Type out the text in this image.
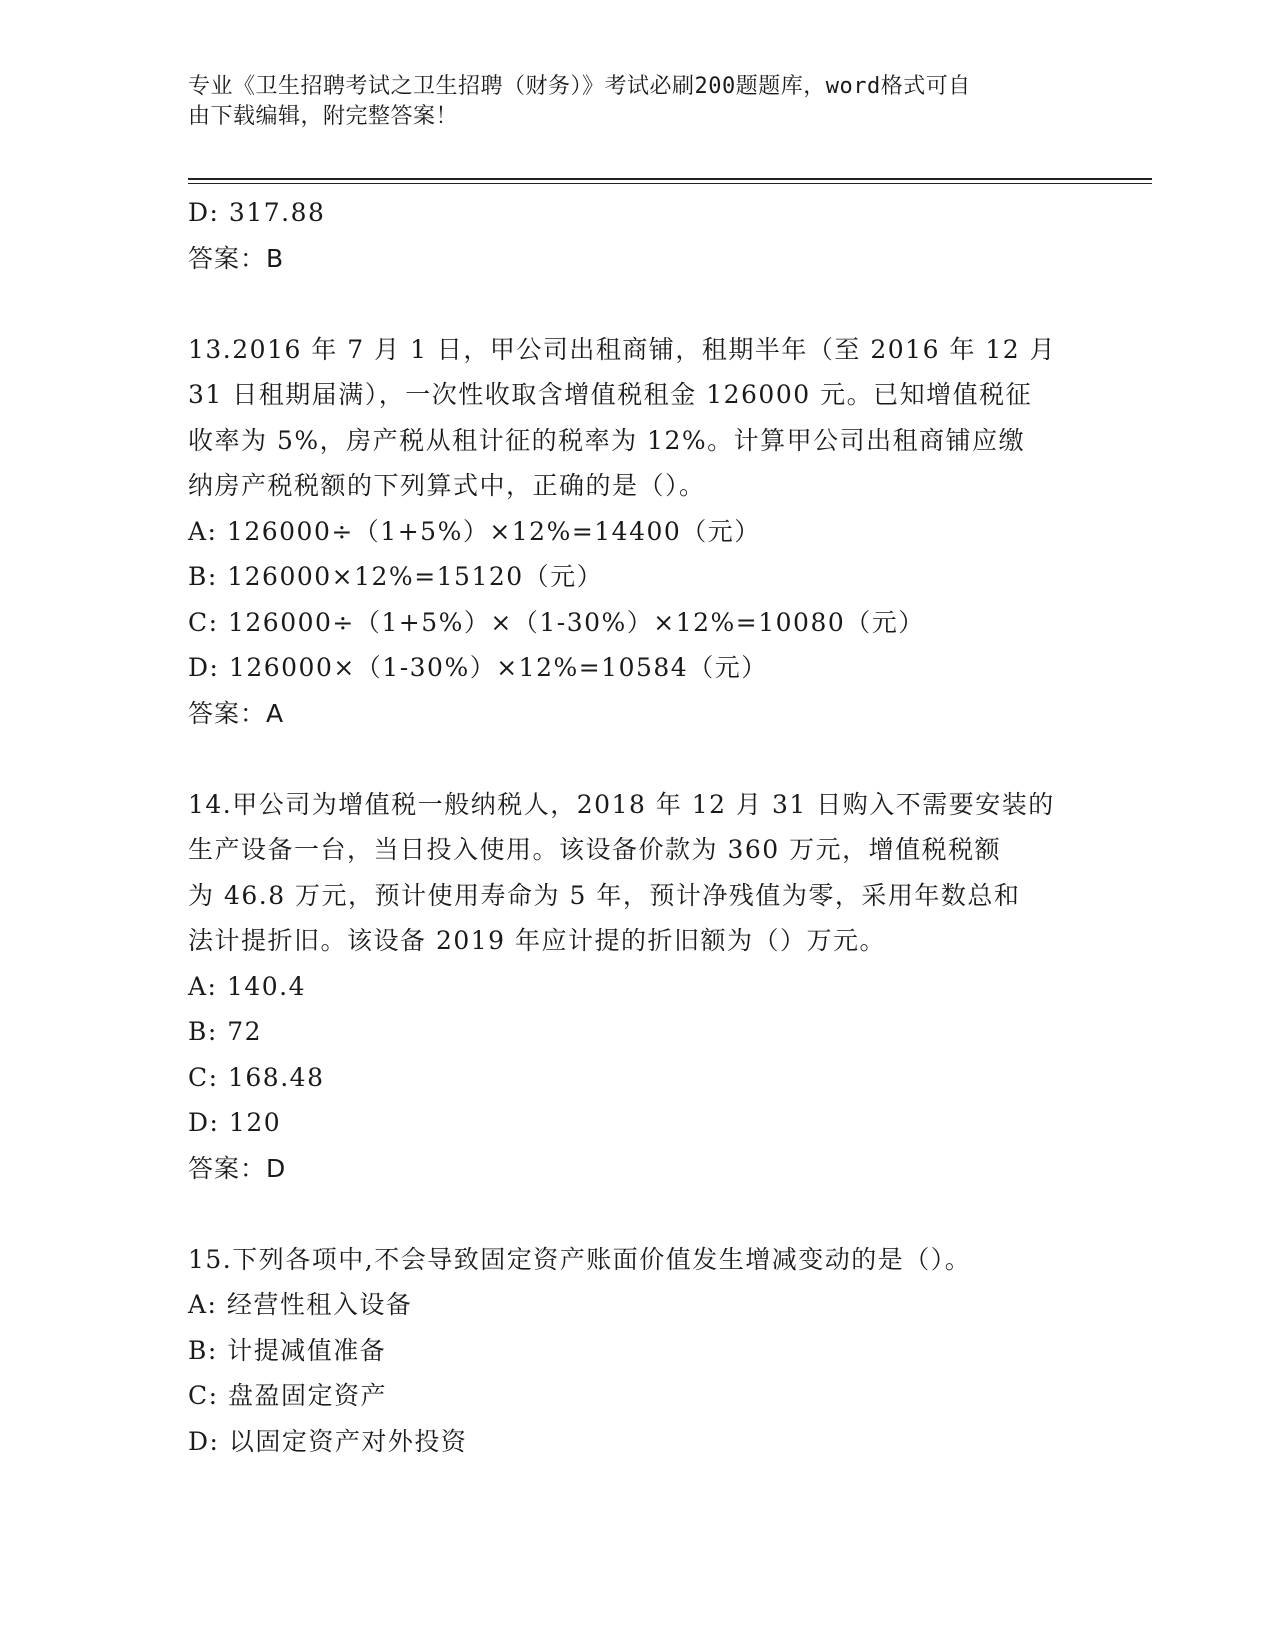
专业《卫生招聘考试之卫生招聘（财务）》考试必刷200题题库，word格式可自
由下载编辑，附完整答案！
D: 317.88
答案：B
13.2016 年 7 月 1 日，甲公司出租商铺，租期半年（至 2016 年 12 月
31 日租期届满），一次性收取含增值税租金 126000 元。已知增值税征
收率为 5%，房产税从租计征的税率为 12%。计算甲公司出租商铺应缴
纳房产税税额的下列算式中，正确的是（）。
A: 126000÷（1+5%）×12%=14400（元）
B: 126000×12%=15120（元）
C: 126000÷（1+5%）×（1-30%）×12%=10080（元）
D: 126000×（1-30%）×12%=10584（元）
答案：A
14.甲公司为增值税一般纳税人，2018 年 12 月 31 日购入不需要安装的
生产设备一台，当日投入使用。该设备价款为 360 万元，增值税税额
为 46.8 万元，预计使用寿命为 5 年，预计净残值为零，采用年数总和
法计提折旧。该设备 2019 年应计提的折旧额为（）万元。
A: 140.4
B: 72
C: 168.48
D: 120
答案：D
15.下列各项中,不会导致固定资产账面价值发生增减变动的是（）。
A: 经营性租入设备
B: 计提减值准备
C: 盘盈固定资产
D: 以固定资产对外投资
